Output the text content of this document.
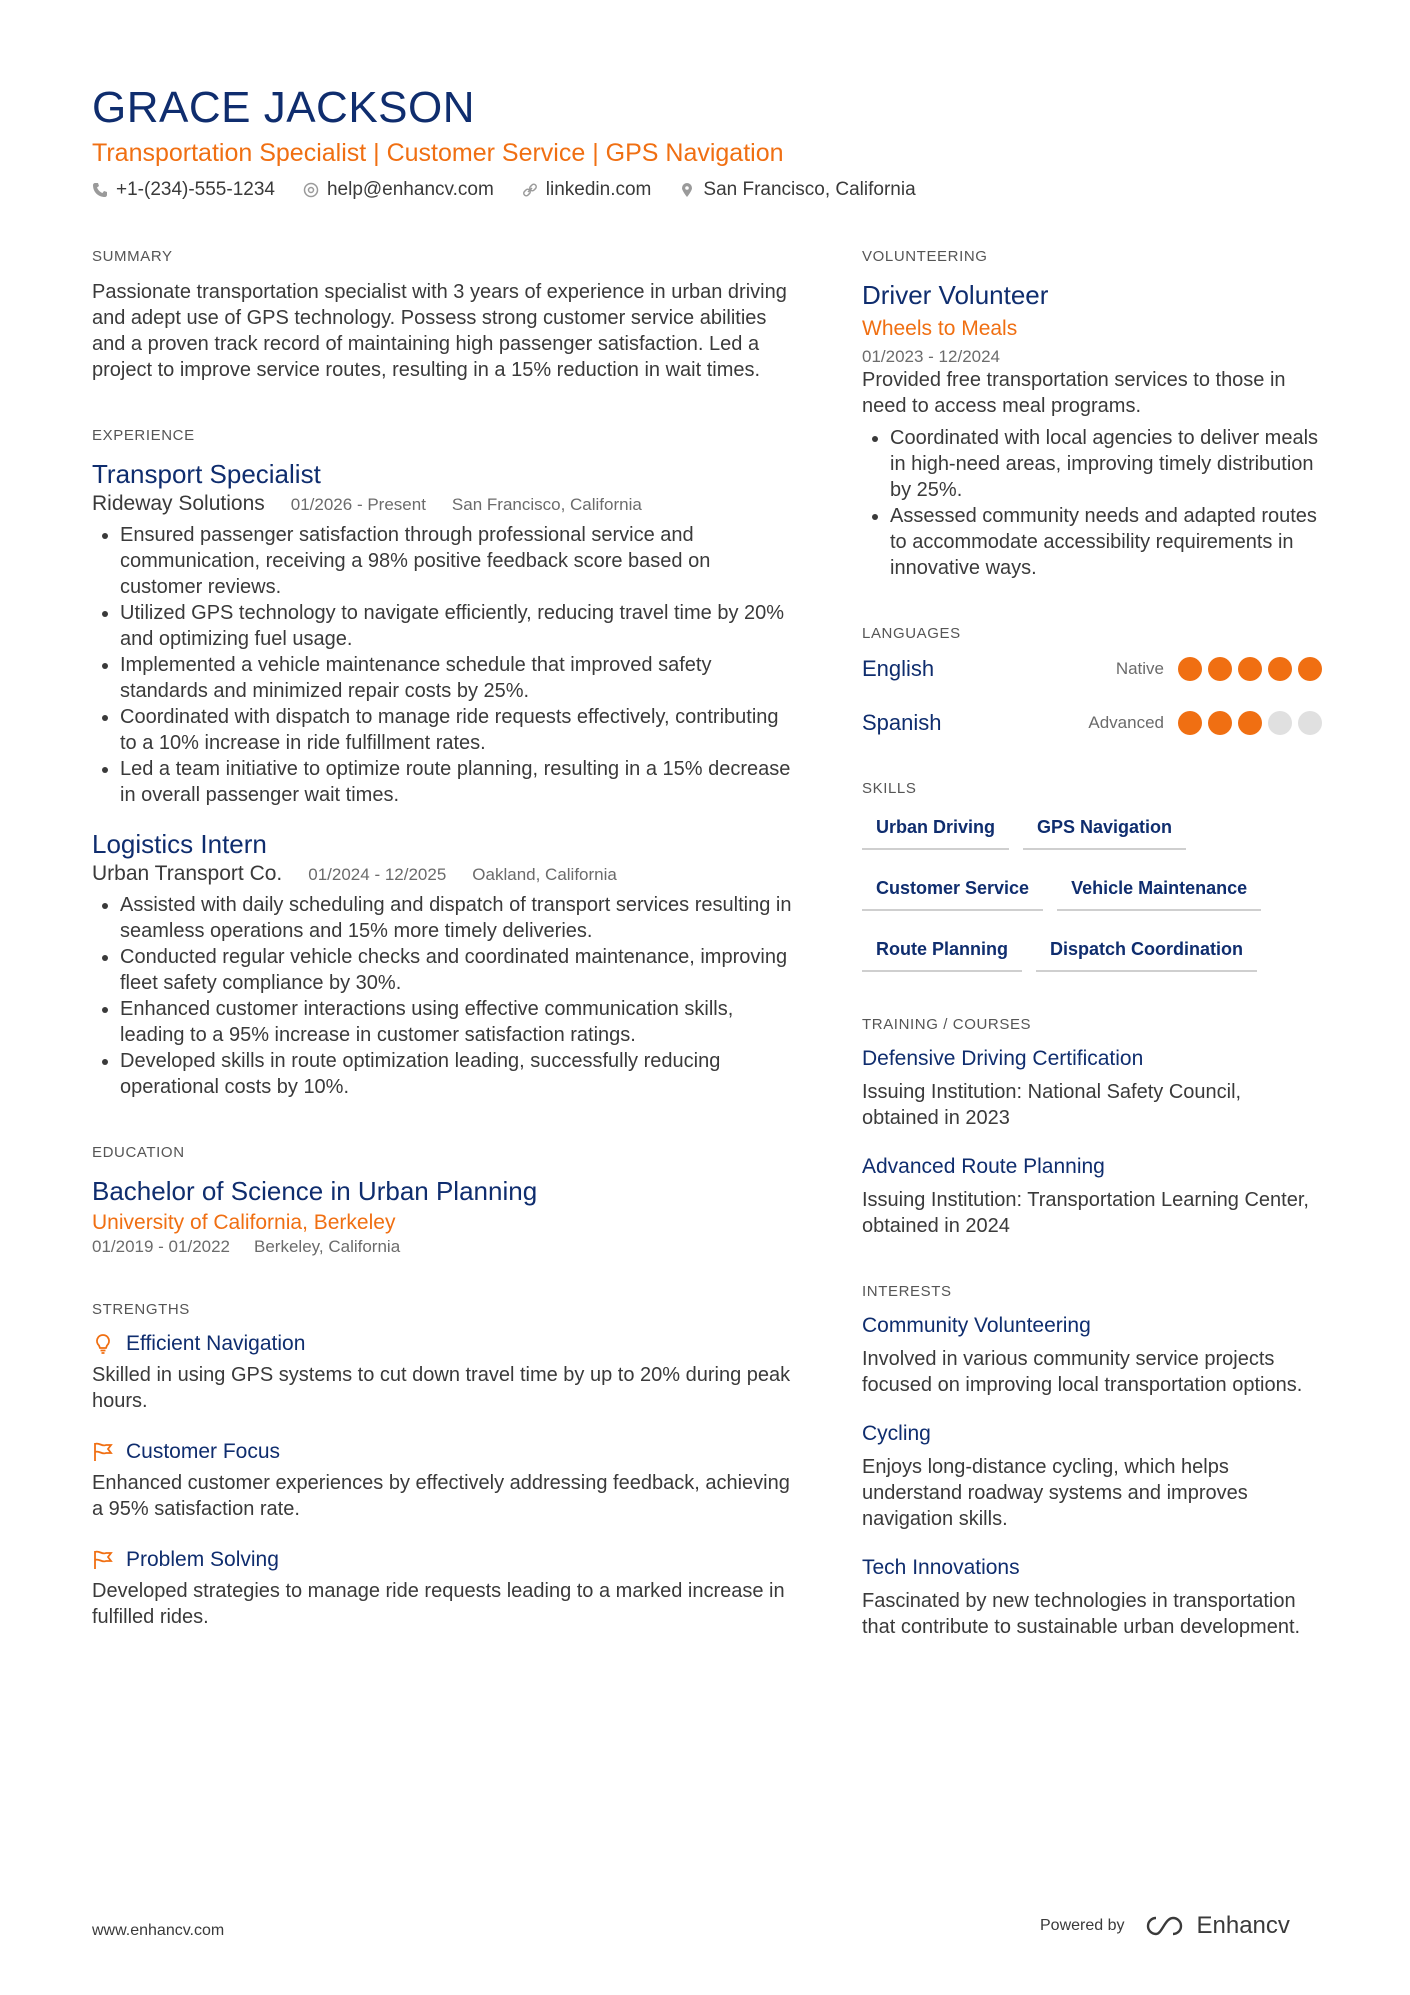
GRACE JACKSON
Transportation Specialist | Customer Service | GPS Navigation
+1-(234)-555-1234	help@enhancv.com	linkedin.com	San Francisco, California
SUMMARY
Passionate transportation specialist with 3 years of experience in urban driving and adept use of GPS technology. Possess strong customer service abilities and a proven track record of maintaining high passenger satisfaction. Led a project to improve service routes, resulting in a 15% reduction in wait times.
EXPERIENCE
Transport Specialist
Rideway Solutions 01/2026 - Present San Francisco, California
• Ensured passenger satisfaction through professional service and communication, receiving a 98% positive feedback score based on customer reviews.
• Utilized GPS technology to navigate efficiently, reducing travel time by 20% and optimizing fuel usage.
• Implemented a vehicle maintenance schedule that improved safety standards and minimized repair costs by 25%.
• Coordinated with dispatch to manage ride requests effectively, contributing to a 10% increase in ride fulfillment rates.
• Led a team initiative to optimize route planning, resulting in a 15% decrease in overall passenger wait times.
Logistics Intern
Urban Transport Co. 01/2024 - 12/2025 Oakland, California
• Assisted with daily scheduling and dispatch of transport services resulting in seamless operations and 15% more timely deliveries.
• Conducted regular vehicle checks and coordinated maintenance, improving fleet safety compliance by 30%.
• Enhanced customer interactions using effective communication skills, leading to a 95% increase in customer satisfaction ratings.
• Developed skills in route optimization leading, successfully reducing operational costs by 10%.
EDUCATION
Bachelor of Science in Urban Planning
University of California, Berkeley
01/2019 - 01/2022 Berkeley, California
STRENGTHS
Efficient Navigation
Skilled in using GPS systems to cut down travel time by up to 20% during peak hours.
Customer Focus
Enhanced customer experiences by effectively addressing feedback, achieving a 95% satisfaction rate.
Problem Solving
Developed strategies to manage ride requests leading to a marked increase in fulfilled rides.
VOLUNTEERING
Driver Volunteer
Wheels to Meals
01/2023 - 12/2024
Provided free transportation services to those in need to access meal programs.
• Coordinated with local agencies to deliver meals in high-need areas, improving timely distribution by 25%.
• Assessed community needs and adapted routes to accommodate accessibility requirements in innovative ways.
LANGUAGES
English	Native
Spanish	Advanced
SKILLS
Urban Driving	GPS Navigation
Customer Service	Vehicle Maintenance
Route Planning	Dispatch Coordination
TRAINING / COURSES
Defensive Driving Certification
Issuing Institution: National Safety Council, obtained in 2023
Advanced Route Planning
Issuing Institution: Transportation Learning Center, obtained in 2024
INTERESTS
Community Volunteering
Involved in various community service projects focused on improving local transportation options.
Cycling
Enjoys long-distance cycling, which helps understand roadway systems and improves navigation skills.
Tech Innovations
Fascinated by new technologies in transportation that contribute to sustainable urban development.
www.enhancv.com	Powered by	Enhancv
